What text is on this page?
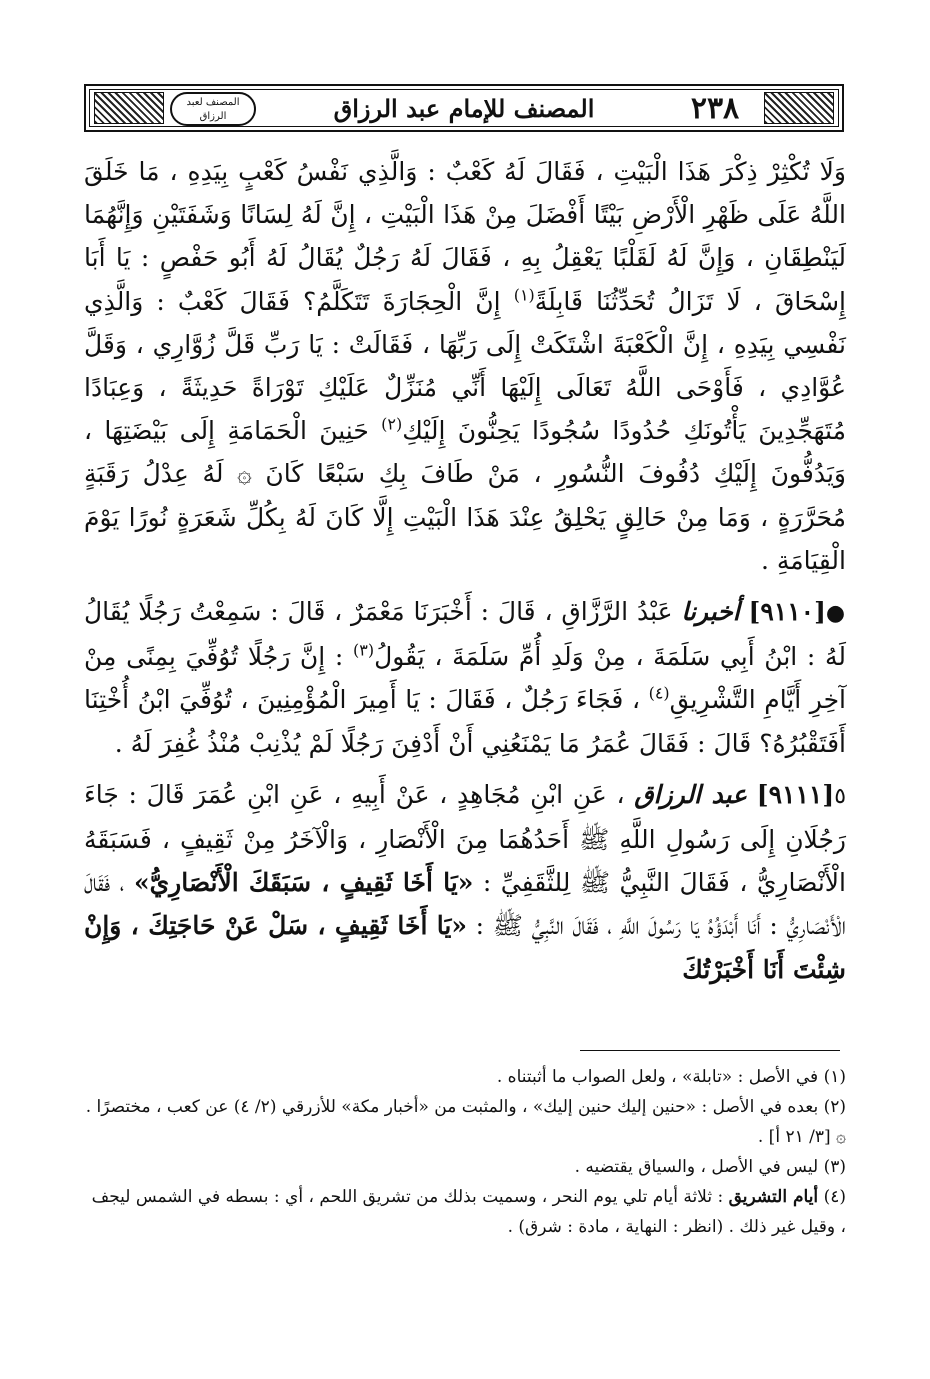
المصنف لعبد الرزاق	المصنف للإمام عبد الرزاق	٢٣٨

وَلَا تُكْثِرْ ذِكْرَ هَذَا الْبَيْتِ ، فَقَالَ لَهُ كَعْبٌ : وَالَّذِي نَفْسُ كَعْبٍ بِيَدِهِ ، مَا خَلَقَ اللَّهُ عَلَى ظَهْرِ الْأَرْضِ بَيْتًا أَفْضَلَ مِنْ هَذَا الْبَيْتِ ، إِنَّ لَهُ لِسَانًا وَشَفَتَيْنِ وَإِنَّهُمَا لَيَنْطِقَانِ ، وَإِنَّ لَهُ لَقَلْبًا يَعْقِلُ بِهِ ، فَقَالَ لَهُ رَجُلٌ يُقَالُ لَهُ أَبُو حَفْصٍ : يَا أَبَا إِسْحَاقَ ، لَا تَزَالُ تُحَدِّثُنَا قَابِلَةً$^{(١)}$ إِنَّ الْحِجَارَةَ تَتَكَلَّمُ؟ فَقَالَ كَعْبٌ : وَالَّذِي نَفْسِي بِيَدِهِ ، إِنَّ الْكَعْبَةَ اشْتَكَتْ إِلَى رَبِّهَا ، فَقَالَتْ : يَا رَبِّ قَلَّ زُوَّارِي ، وَقَلَّ عُوَّادِي ، فَأَوْحَى اللَّهُ تَعَالَى إِلَيْهَا أَنِّي مُنَزِّلٌ عَلَيْكِ تَوْرَاةً حَدِيثَةً ، وَعِبَادًا مُتَهَجِّدِينَ يَأْتُونَكِ حُدُودًا سُجُودًا يَحِنُّونَ إِلَيْكِ$^{(٢)}$ حَنِينَ الْحَمَامَةِ إِلَى بَيْضَتِهَا ، وَيَدُفُّونَ إِلَيْكِ دُفُوفَ النُّسُورِ ، مَنْ طَافَ بِكِ سَبْعًا كَانَ ۞ لَهُ عِدْلُ رَقَبَةٍ مُحَرَّرَةٍ ، وَمَا مِنْ حَالِقٍ يَحْلِقُ عِنْدَ هَذَا الْبَيْتِ إِلَّا كَانَ لَهُ بِكُلِّ شَعَرَةٍ نُورًا يَوْمَ الْقِيَامَةِ .

●[٩١١٠] أخبرنا عَبْدُ الرَّزَّاقِ ، قَالَ : أَخْبَرَنَا مَعْمَرٌ ، قَالَ : سَمِعْتُ رَجُلًا يُقَالُ لَهُ : ابْنُ أَبِي سَلَمَةَ ، مِنْ وَلَدِ أُمِّ سَلَمَةَ ، يَقُولُ$^{(٣)}$ : إِنَّ رَجُلًا تُوُفِّيَ بِمِنًى مِنْ آخِرِ أَيَّامِ التَّشْرِيقِ$^{(٤)}$ ، فَجَاءَ رَجُلٌ ، فَقَالَ : يَا أَمِيرَ الْمُؤْمِنِينَ ، تُوُفِّيَ ابْنُ أُخْتِنَا أَفَتَقْبُرُهُ؟ قَالَ : فَقَالَ عُمَرُ مَا يَمْنَعُنِي أَنْ أَدْفِنَ رَجُلًا لَمْ يُذْنِبْ مُنْذُ غُفِرَ لَهُ .

٥[٩١١١] عبد الرزاق ، عَنِ ابْنِ مُجَاهِدٍ ، عَنْ أَبِيهِ ، عَنِ ابْنِ عُمَرَ قَالَ : جَاءَ رَجُلَانِ إِلَى رَسُولِ اللَّهِ ﷺ أَحَدُهُمَا مِنَ الْأَنْصَارِ ، وَالْآخَرُ مِنْ ثَقِيفٍ ، فَسَبَقَهُ الْأَنْصَارِيُّ ، فَقَالَ النَّبِيُّ ﷺ لِلثَّقَفِيِّ : «يَا أَخَا ثَقِيفٍ ، سَبَقَكَ الْأَنْصَارِيُّ» ، فَقَالَ الْأَنْصَارِيُّ : أَنَا أَبْدَؤُهُ يَا رَسُولَ اللَّهِ ، فَقَالَ النَّبِيُّ ﷺ : «يَا أَخَا ثَقِيفٍ ، سَلْ عَنْ حَاجَتِكَ ، وَإِنْ شِئْتَ أَنَا أَخْبَرْتُكَ

(١) في الأصل : «تابلة» ، ولعل الصواب ما أثبتناه .

(٢) بعده في الأصل : «حنين إليك حنين إليك» ، والمثبت من «أخبار مكة» للأزرقي (٢/ ٤) عن كعب ، مختصرًا .

۞ [٣/ ٢١ أ] .

(٣) ليس في الأصل ، والسياق يقتضيه .

(٤) أيام التشريق : ثلاثة أيام تلي يوم النحر ، وسميت بذلك من تشريق اللحم ، أي : بسطه في الشمس ليجف ، وقيل غير ذلك . (انظر : النهاية ، مادة : شرق) .
